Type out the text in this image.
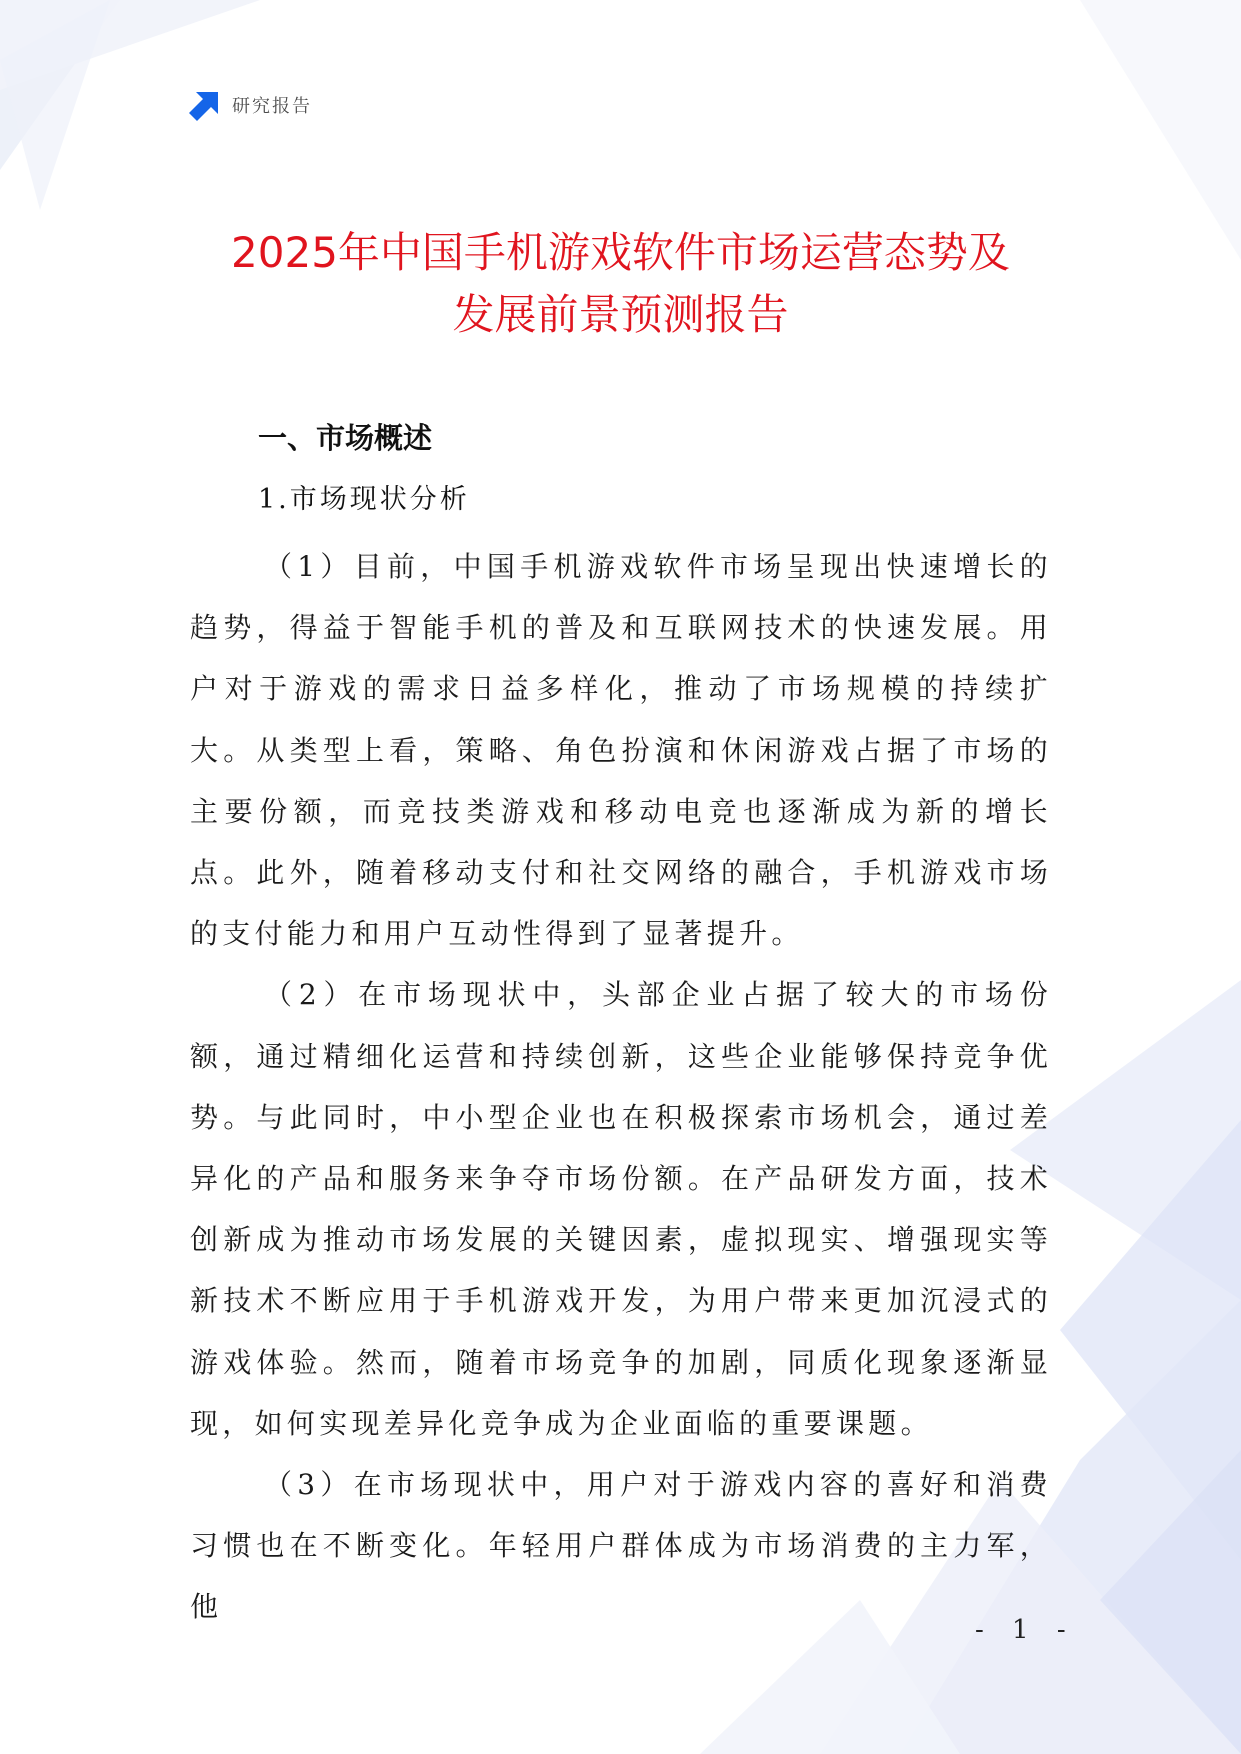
研究报告
2025年中国手机游戏软件市场运营态势及
发展前景预测报告
一、市场概述
1.市场现状分析

（1）目前，中国手机游戏软件市场呈现出快速增长的趋势，得益于智能手机的普及和互联网技术的快速发展。用户对于游戏的需求日益多样化，推动了市场规模的持续扩大。从类型上看，策略、角色扮演和休闲游戏占据了市场的主要份额，而竞技类游戏和移动电竞也逐渐成为新的增长点。此外，随着移动支付和社交网络的融合，手机游戏市场的支付能力和用户互动性得到了显著提升。

（2）在市场现状中，头部企业占据了较大的市场份额，通过精细化运营和持续创新，这些企业能够保持竞争优势。与此同时，中小型企业也在积极探索市场机会，通过差异化的产品和服务来争夺市场份额。在产品研发方面，技术创新成为推动市场发展的关键因素，虚拟现实、增强现实等新技术不断应用于手机游戏开发，为用户带来更加沉浸式的游戏体验。然而，随着市场竞争的加剧，同质化现象逐渐显现，如何实现差异化竞争成为企业面临的重要课题。

（3）在市场现状中，用户对于游戏内容的喜好和消费习惯也在不断变化。年轻用户群体成为市场消费的主力军，他

- 1 -
